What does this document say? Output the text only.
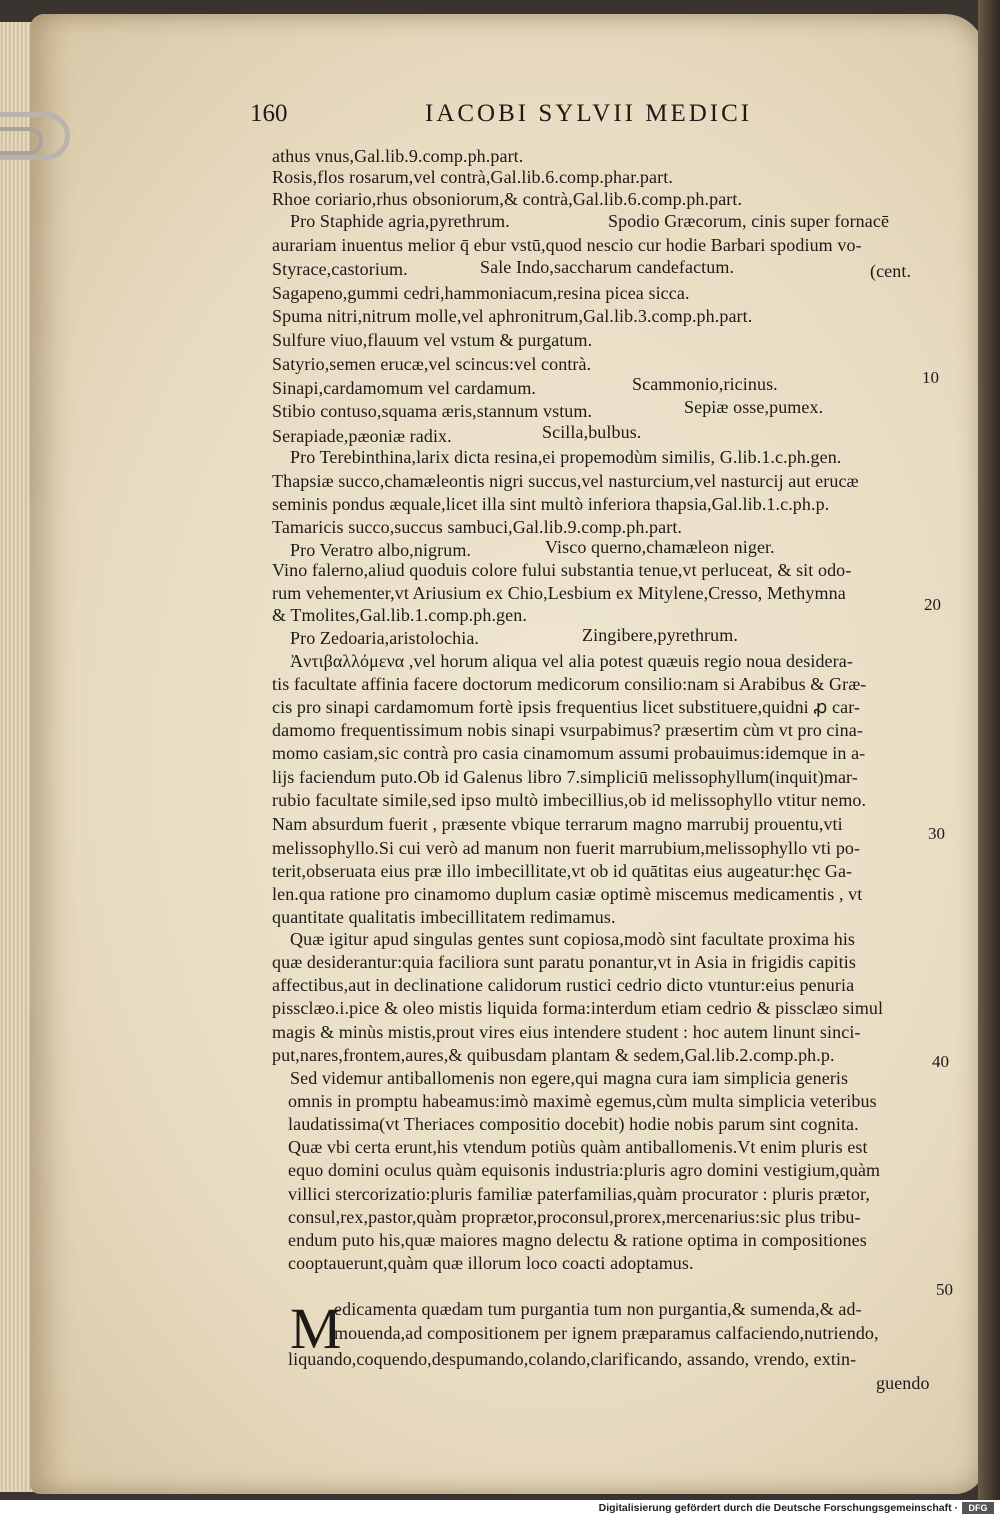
160	IACOBI SYLVII MEDICI
athus vnus,Gal.lib.9.comp.ph.part.
Rosis,flos rosarum,vel contrà,Gal.lib.6.comp.phar.part.
Rhoe coriario,rhus obsoniorum,& contrà,Gal.lib.6.comp.ph.part.
Pro Staphide agria,pyrethrum.	Spodio Græcorum, cinis super fornacē
aurariam inuentus melior q̄ ebur vstū,quod nescio cur hodie Barbari spodium vo-
Styrace,castorium.	Sale Indo,saccharum candefactum.	(cent.
Sagapeno,gummi cedri,hammoniacum,resina picea sicca.
Spuma nitri,nitrum molle,vel aphronitrum,Gal.lib.3.comp.ph.part.
Sulfure viuo,flauum vel vstum & purgatum.
Satyrio,semen erucæ,vel scincus:vel contrà.
Sinapi,cardamomum vel cardamum.	Scammonio,ricinus.
Stibio contuso,squama æris,stannum vstum.	Sepiæ osse,pumex.
Serapiade,pæoniæ radix.	Scilla,bulbus.
Pro Terebinthina,larix dicta resina,ei propemodùm similis, G.lib.1.c.ph.gen.
Thapsiæ succo,chamæleontis nigri succus,vel nasturcium,vel nasturcij aut erucæ
seminis pondus æquale,licet illa sint multò inferiora thapsia,Gal.lib.1.c.ph.p.
Tamaricis succo,succus sambuci,Gal.lib.9.comp.ph.part.
Pro Veratro albo,nigrum.	Visco querno,chamæleon niger.
Vino falerno,aliud quoduis colore fului substantia tenue,vt perluceat, & sit odo-
rum vehementer,vt Ariusium ex Chio,Lesbium ex Mitylene,Cresso, Methymna
& Tmolites,Gal.lib.1.comp.ph.gen.
Pro Zedoaria,aristolochia.	Zingibere,pyrethrum.
Ἀντιβαλλόμενα ,vel horum aliqua vel alia potest quæuis regio noua desidera-
tis facultate affinia facere doctorum medicorum consilio:nam si Arabibus & Græ-
cis pro sinapi cardamomum fortè ipsis frequentius licet substituere,quidni ꝓ car-
damomo frequentissimum nobis sinapi vsurpabimus? præsertim cùm vt pro cina-
momo casiam,sic contrà pro casia cinamomum assumi probauimus:idemque in a-
lijs faciendum puto.Ob id Galenus libro 7.simpliciū melissophyllum(inquit)mar-
rubio facultate simile,sed ipso multò imbecillius,ob id melissophyllo vtitur nemo.
Nam absurdum fuerit , præsente vbique terrarum magno marrubij prouentu,vti
melissophyllo.Si cui verò ad manum non fuerit marrubium,melissophyllo vti po-
terit,obseruata eius præ illo imbecillitate,vt ob id quātitas eius augeatur:hęc Ga-
len.qua ratione pro cinamomo duplum casiæ optimè miscemus medicamentis , vt
quantitate qualitatis imbecillitatem redimamus.
Quæ igitur apud singulas gentes sunt copiosa,modò sint facultate proxima his
quæ desiderantur:quia faciliora sunt paratu ponantur,vt in Asia in frigidis capitis
affectibus,aut in declinatione calidorum rustici cedrio dicto vtuntur:eius penuria
pissclæo.i.pice & oleo mistis liquida forma:interdum etiam cedrio & pissclæo simul
magis & minùs mistis,prout vires eius intendere student : hoc autem linunt sinci-
put,nares,frontem,aures,& quibusdam plantam & sedem,Gal.lib.2.comp.ph.p.
Sed videmur antiballomenis non egere,qui magna cura iam simplicia generis
omnis in promptu habeamus:imò maximè egemus,cùm multa simplicia veteribus
laudatissima(vt Theriaces compositio docebit) hodie nobis parum sint cognita.
Quæ vbi certa erunt,his vtendum potiùs quàm antiballomenis.Vt enim pluris est
equo domini oculus quàm equisonis industria:pluris agro domini vestigium,quàm
villici stercorizatio:pluris familiæ paterfamilias,quàm procurator : pluris prætor,
consul,rex,pastor,quàm proprætor,proconsul,prorex,mercenarius:sic plus tribu-
endum puto his,quæ maiores magno delectu & ratione optima in compositiones
cooptauerunt,quàm quæ illorum loco coacti adoptamus.
edicamenta quædam tum purgantia tum non purgantia,& sumenda,& ad-
mouenda,ad compositionem per ignem præparamus calfaciendo,nutriendo,
liquando,coquendo,despumando,colando,clarificando, assando, vrendo, extin-
guendo
M
10
20
30
40
50
Digitalisierung gefördert durch die Deutsche Forschungsgemeinschaft ·	DFG
